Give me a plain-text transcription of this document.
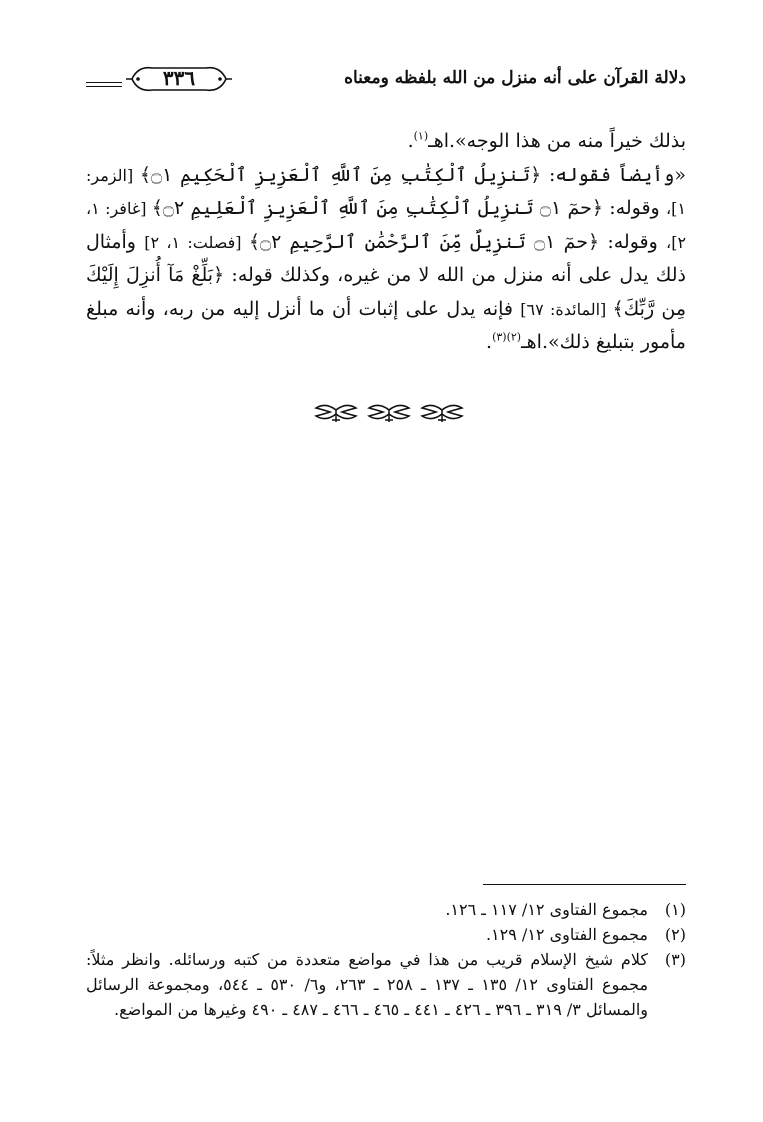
دلالة القرآن على أنه منزل من الله بلفظه ومعناه
٣٣٦

بذلك خيراً منه من هذا الوجه».اهـ$^{(١)}$.

«وأيضاً فقوله: ﴿تَنزِيلُ ٱلْكِتَٰبِ مِنَ ٱللَّهِ ٱلْعَزِيزِ ٱلْحَكِيمِ ۝١﴾ [الزمر: ١]، وقوله: ﴿حمٓ ۝١ تَنزِيلُ ٱلْكِتَٰبِ مِنَ ٱللَّهِ ٱلْعَزِيزِ ٱلْعَلِيمِ ۝٢﴾ [غافر: ١، ٢]، وقوله: ﴿حمٓ ۝١ تَنزِيلٌ مِّنَ ٱلرَّحْمَٰنِ ٱلرَّحِيمِ ۝٢﴾ [فصلت: ١، ٢] وأمثال ذلك يدل على أنه منزل من الله لا من غيره، وكذلك قوله: ﴿بَلِّغْ مَآ أُنزِلَ إِلَيْكَ مِن رَّبِّكَ﴾ [المائدة: ٦٧] فإنه يدل على إثبات أن ما أنزل إليه من ربه، وأنه مبلغ مأمور بتبليغ ذلك».اهـ$^{(٢)(٣)}$.

(١)
مجموع الفتاوى ١٢/ ١١٧ ـ ١٢٦.
(٢)
مجموع الفتاوى ١٢/ ١٢٩.
(٣)
كلام شيخ الإسلام قريب من هذا في مواضع متعددة من كتبه ورسائله. وانظر مثلاً: مجموع الفتاوى ١٢/ ١٣٥ ـ ١٣٧ ـ ٢٥٨ ـ ٢٦٣، و٦/ ٥٣٠ ـ ٥٤٤، ومجموعة الرسائل والمسائل ٣/ ٣١٩ ـ ٣٩٦ ـ ٤٢٦ ـ ٤٤١ ـ ٤٦٥ ـ ٤٦٦ ـ ٤٨٧ ـ ٤٩٠ وغيرها من المواضع.
